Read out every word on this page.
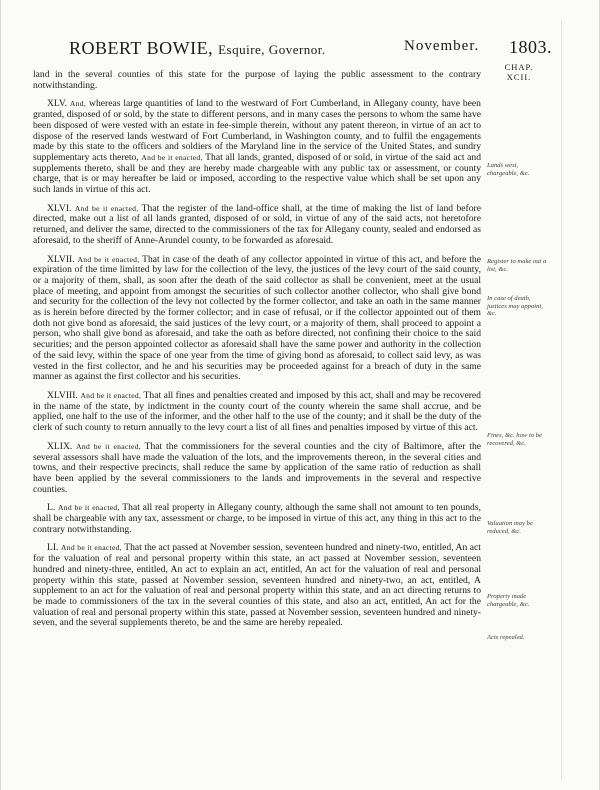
ROBERT BOWIE, Esquire, Governor.	November. 1803.
CHAP.
XCII.

land in the several counties of this state for the purpose of laying the public assessment to the contrary notwithstanding.

XLV. And, whereas large quantities of land to the westward of Fort Cumberland, in Allegany county, have been granted, disposed of or sold, by the state to different persons, and in many cases the persons to whom the same have been disposed of were vested with an estate in fee-simple therein, without any patent thereon, in virtue of an act to dispose of the reserved lands westward of Fort Cumberland, in Washington county, and to fulfil the engagements made by this state to the officers and soldiers of the Maryland line in the service of the United States, and sundry supplementary acts thereto, And be it enacted, That all lands, granted, disposed of or sold, in virtue of the said act and supplements thereto, shall be and they are hereby made chargeable with any public tax or assessment, or county charge, that is or may hereafter be laid or imposed, according to the respective value which shall be set upon any such lands in virtue of this act.

XLVI. And be it enacted, That the register of the land-office shall, at the time of making the list of land before directed, make out a list of all lands granted, disposed of or sold, in virtue of any of the said acts, not heretofore returned, and deliver the same, directed to the commissioners of the tax for Allegany county, sealed and endorsed as aforesaid, to the sheriff of Anne-Arundel county, to be forwarded as aforesaid.

XLVII. And be it enacted, That in case of the death of any collector appointed in virtue of this act, and before the expiration of the time limitted by law for the collection of the levy, the justices of the levy court of the said county, or a majority of them, shall, as soon after the death of the said collector as shall be convenient, meet at the usual place of meeting, and appoint from amongst the securities of such collector another collector, who shall give bond and security for the collection of the levy not collected by the former collector, and take an oath in the same manner as is herein before directed by the former collector; and in case of refusal, or if the collector appointed out of them doth not give bond as aforesaid, the said justices of the levy court, or a majority of them, shall proceed to appoint a person, who shall give bond as aforesaid, and take the oath as before directed, not confining their choice to the said securities; and the person appointed collector as aforesaid shall have the same power and authority in the collection of the said levy, within the space of one year from the time of giving bond as aforesaid, to collect said levy, as was vested in the first collector, and he and his securities may be proceeded against for a breach of duty in the same manner as against the first collector and his securities.

XLVIII. And be it enacted, That all fines and penalties created and imposed by this act, shall and may be recovered in the name of the state, by indictment in the county court of the county wherein the same shall accrue, and be applied, one half to the use of the informer, and the other half to the use of the county; and it shall be the duty of the clerk of such county to return annually to the levy court a list of all fines and penalties imposed by virtue of this act.

XLIX. And be it enacted, That the commissioners for the several counties and the city of Baltimore, after the several assessors shall have made the valuation of the lots, and the improvements thereon, in the several cities and towns, and their respective precincts, shall reduce the same by application of the same ratio of reduction as shall have been applied by the several commissioners to the lands and improvements in the several and respective counties.

L. And be it enacted, That all real property in Allegany county, although the same shall not amount to ten pounds, shall be chargeable with any tax, assessment or charge, to be imposed in virtue of this act, any thing in this act to the contrary notwithstanding.

LI. And be it enacted, That the act passed at November session, seventeen hundred and ninety-two, entitled, An act for the valuation of real and personal property within this state, an act passed at November session, seventeen hundred and ninety-three, entitled, An act to explain an act, entitled, An act for the valuation of real and personal property within this state, passed at November session, seventeen hundred and ninety-two, an act, entitled, A supplement to an act for the valuation of real and personal property within this state, and an act directing returns to be made to commissioners of the tax in the several counties of this state, and also an act, entitled, An act for the valuation of real and personal property within this state, passed at November session, seventeen hundred and ninety-seven, and the several supplements thereto, be and the same are hereby repealed.

Lands west, chargeable, &c.
Register to make out a list, &c.
In case of death, justices may appoint, &c.
Fines, &c. how to be recovered, &c.
Valuation may be reduced, &c.
Property made chargeable, &c.
Acts repealed.
